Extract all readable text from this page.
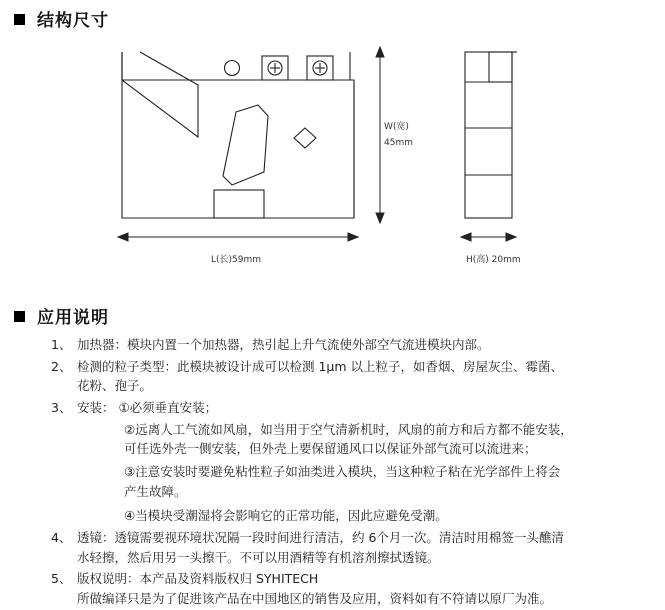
结构尺寸
W(宽)
45mm
L(长)59mm	H(高) 20mm
应用说明
1、 加热器：模块内置一个加热器，热引起上升气流使外部空气流进模块内部。
2、 检测的粒子类型：此模块被设计成可以检测 1μm 以上粒子，如香烟、房屋灰尘、霉菌、
花粉、孢子。
3、 安装： ①必须垂直安装；
②远离人工气流如风扇，如当用于空气清新机时，风扇的前方和后方都不能安装，
可任选外壳一侧安装，但外壳上要保留通风口以保证外部气流可以流进来；
③注意安装时要避免粘性粒子如油类进入模块，当这种粒子粘在光学部件上将会
产生故障。
④当模块受潮湿将会影响它的正常功能，因此应避免受潮。
4、 透镜：透镜需要视环境状况隔一段时间进行清洁，约 6个月一次。清洁时用棉签一头醮清
水轻擦，然后用另一头擦干。不可以用酒精等有机溶剂擦拭透镜。
5、 版权说明：本产品及资料版权归 SYHITECH
所做编译只是为了促进该产品在中国地区的销售及应用，资料如有不符请以原厂为准。
